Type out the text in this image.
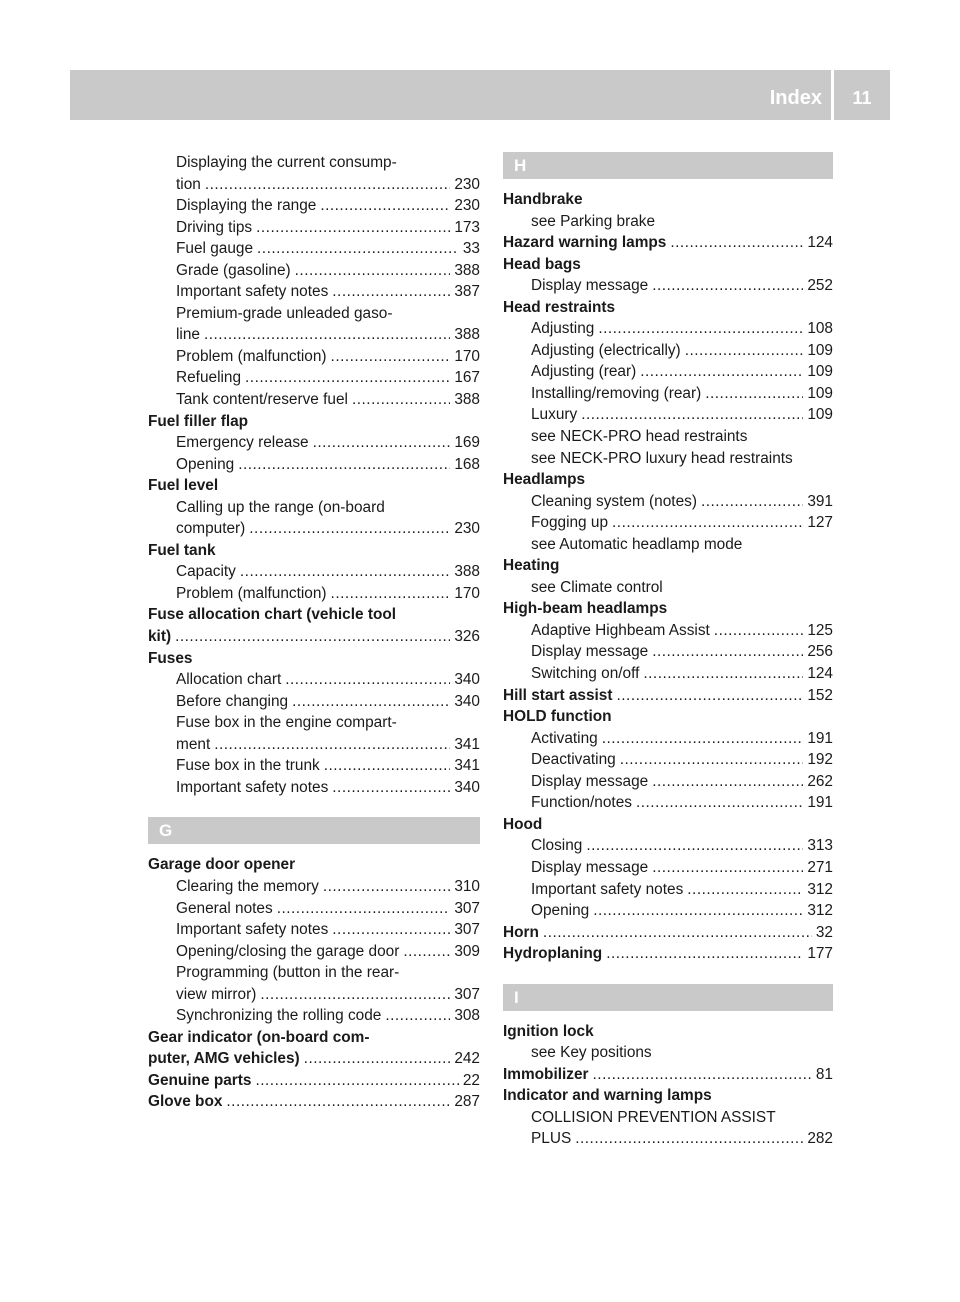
Index	11
Displaying the current consump-
tion .....	230
Displaying the range .....	230
Driving tips .....	173
Fuel gauge .....	33
Grade (gasoline) .....	388
Important safety notes .....	387
Premium-grade unleaded gaso-
line .....	388
Problem (malfunction) .....	170
Refueling .....	167
Tank content/reserve fuel .....	388
Fuel filler flap
Emergency release .....	169
Opening .....	168
Fuel level
Calling up the range (on-board
computer) .....	230
Fuel tank
Capacity .....	388
Problem (malfunction) .....	170
Fuse allocation chart (vehicle tool
kit) .....	326
Fuses
Allocation chart .....	340
Before changing .....	340
Fuse box in the engine compart-
ment .....	341
Fuse box in the trunk .....	341
Important safety notes .....	340
G
Garage door opener
Clearing the memory .....	310
General notes .....	307
Important safety notes .....	307
Opening/closing the garage door .....	309
Programming (button in the rear-
view mirror) .....	307
Synchronizing the rolling code .....	308
Gear indicator (on-board com-
puter, AMG vehicles) .....	242
Genuine parts .....	22
Glove box .....	287
H
Handbrake
see Parking brake
Hazard warning lamps .....	124
Head bags
Display message .....	252
Head restraints
Adjusting .....	108
Adjusting (electrically) .....	109
Adjusting (rear) .....	109
Installing/removing (rear) .....	109
Luxury .....	109
see NECK-PRO head restraints
see NECK-PRO luxury head restraints
Headlamps
Cleaning system (notes) .....	391
Fogging up .....	127
see Automatic headlamp mode
Heating
see Climate control
High-beam headlamps
Adaptive Highbeam Assist .....	125
Display message .....	256
Switching on/off .....	124
Hill start assist .....	152
HOLD function
Activating .....	191
Deactivating .....	192
Display message .....	262
Function/notes .....	191
Hood
Closing .....	313
Display message .....	271
Important safety notes .....	312
Opening .....	312
Horn .....	32
Hydroplaning .....	177
I
Ignition lock
see Key positions
Immobilizer .....	81
Indicator and warning lamps
COLLISION PREVENTION ASSIST
PLUS .....	282
